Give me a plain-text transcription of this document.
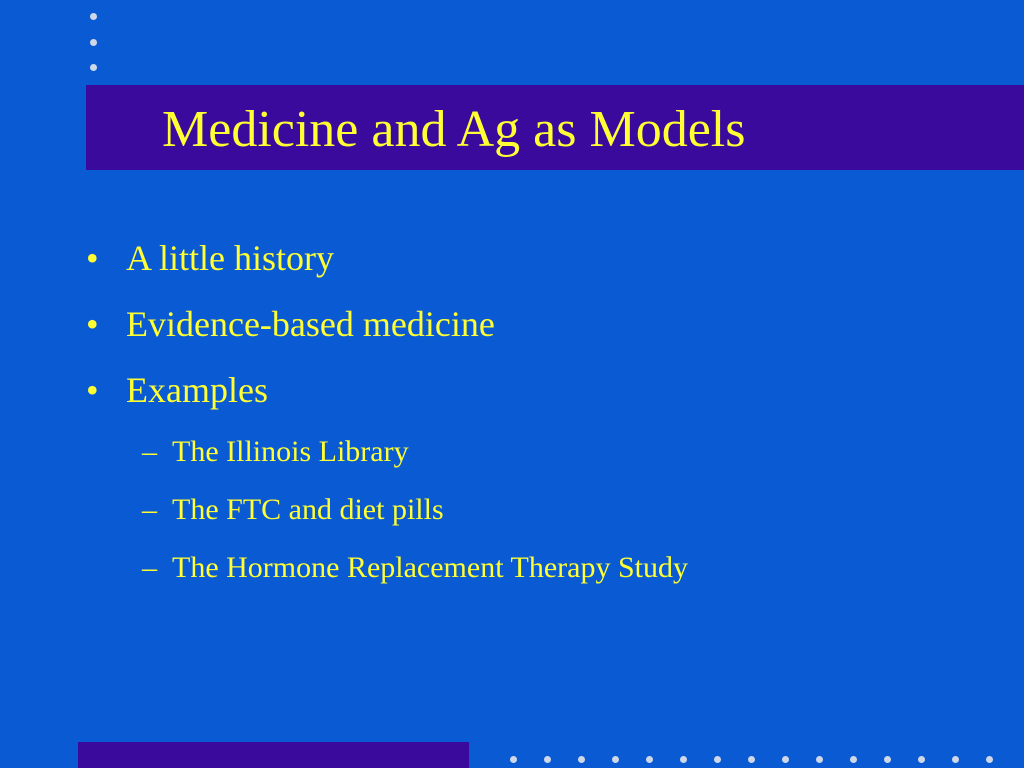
Medicine and Ag as Models
• A little history
• Evidence-based medicine
• Examples
– The Illinois Library
– The FTC and diet pills
– The Hormone Replacement Therapy Study
